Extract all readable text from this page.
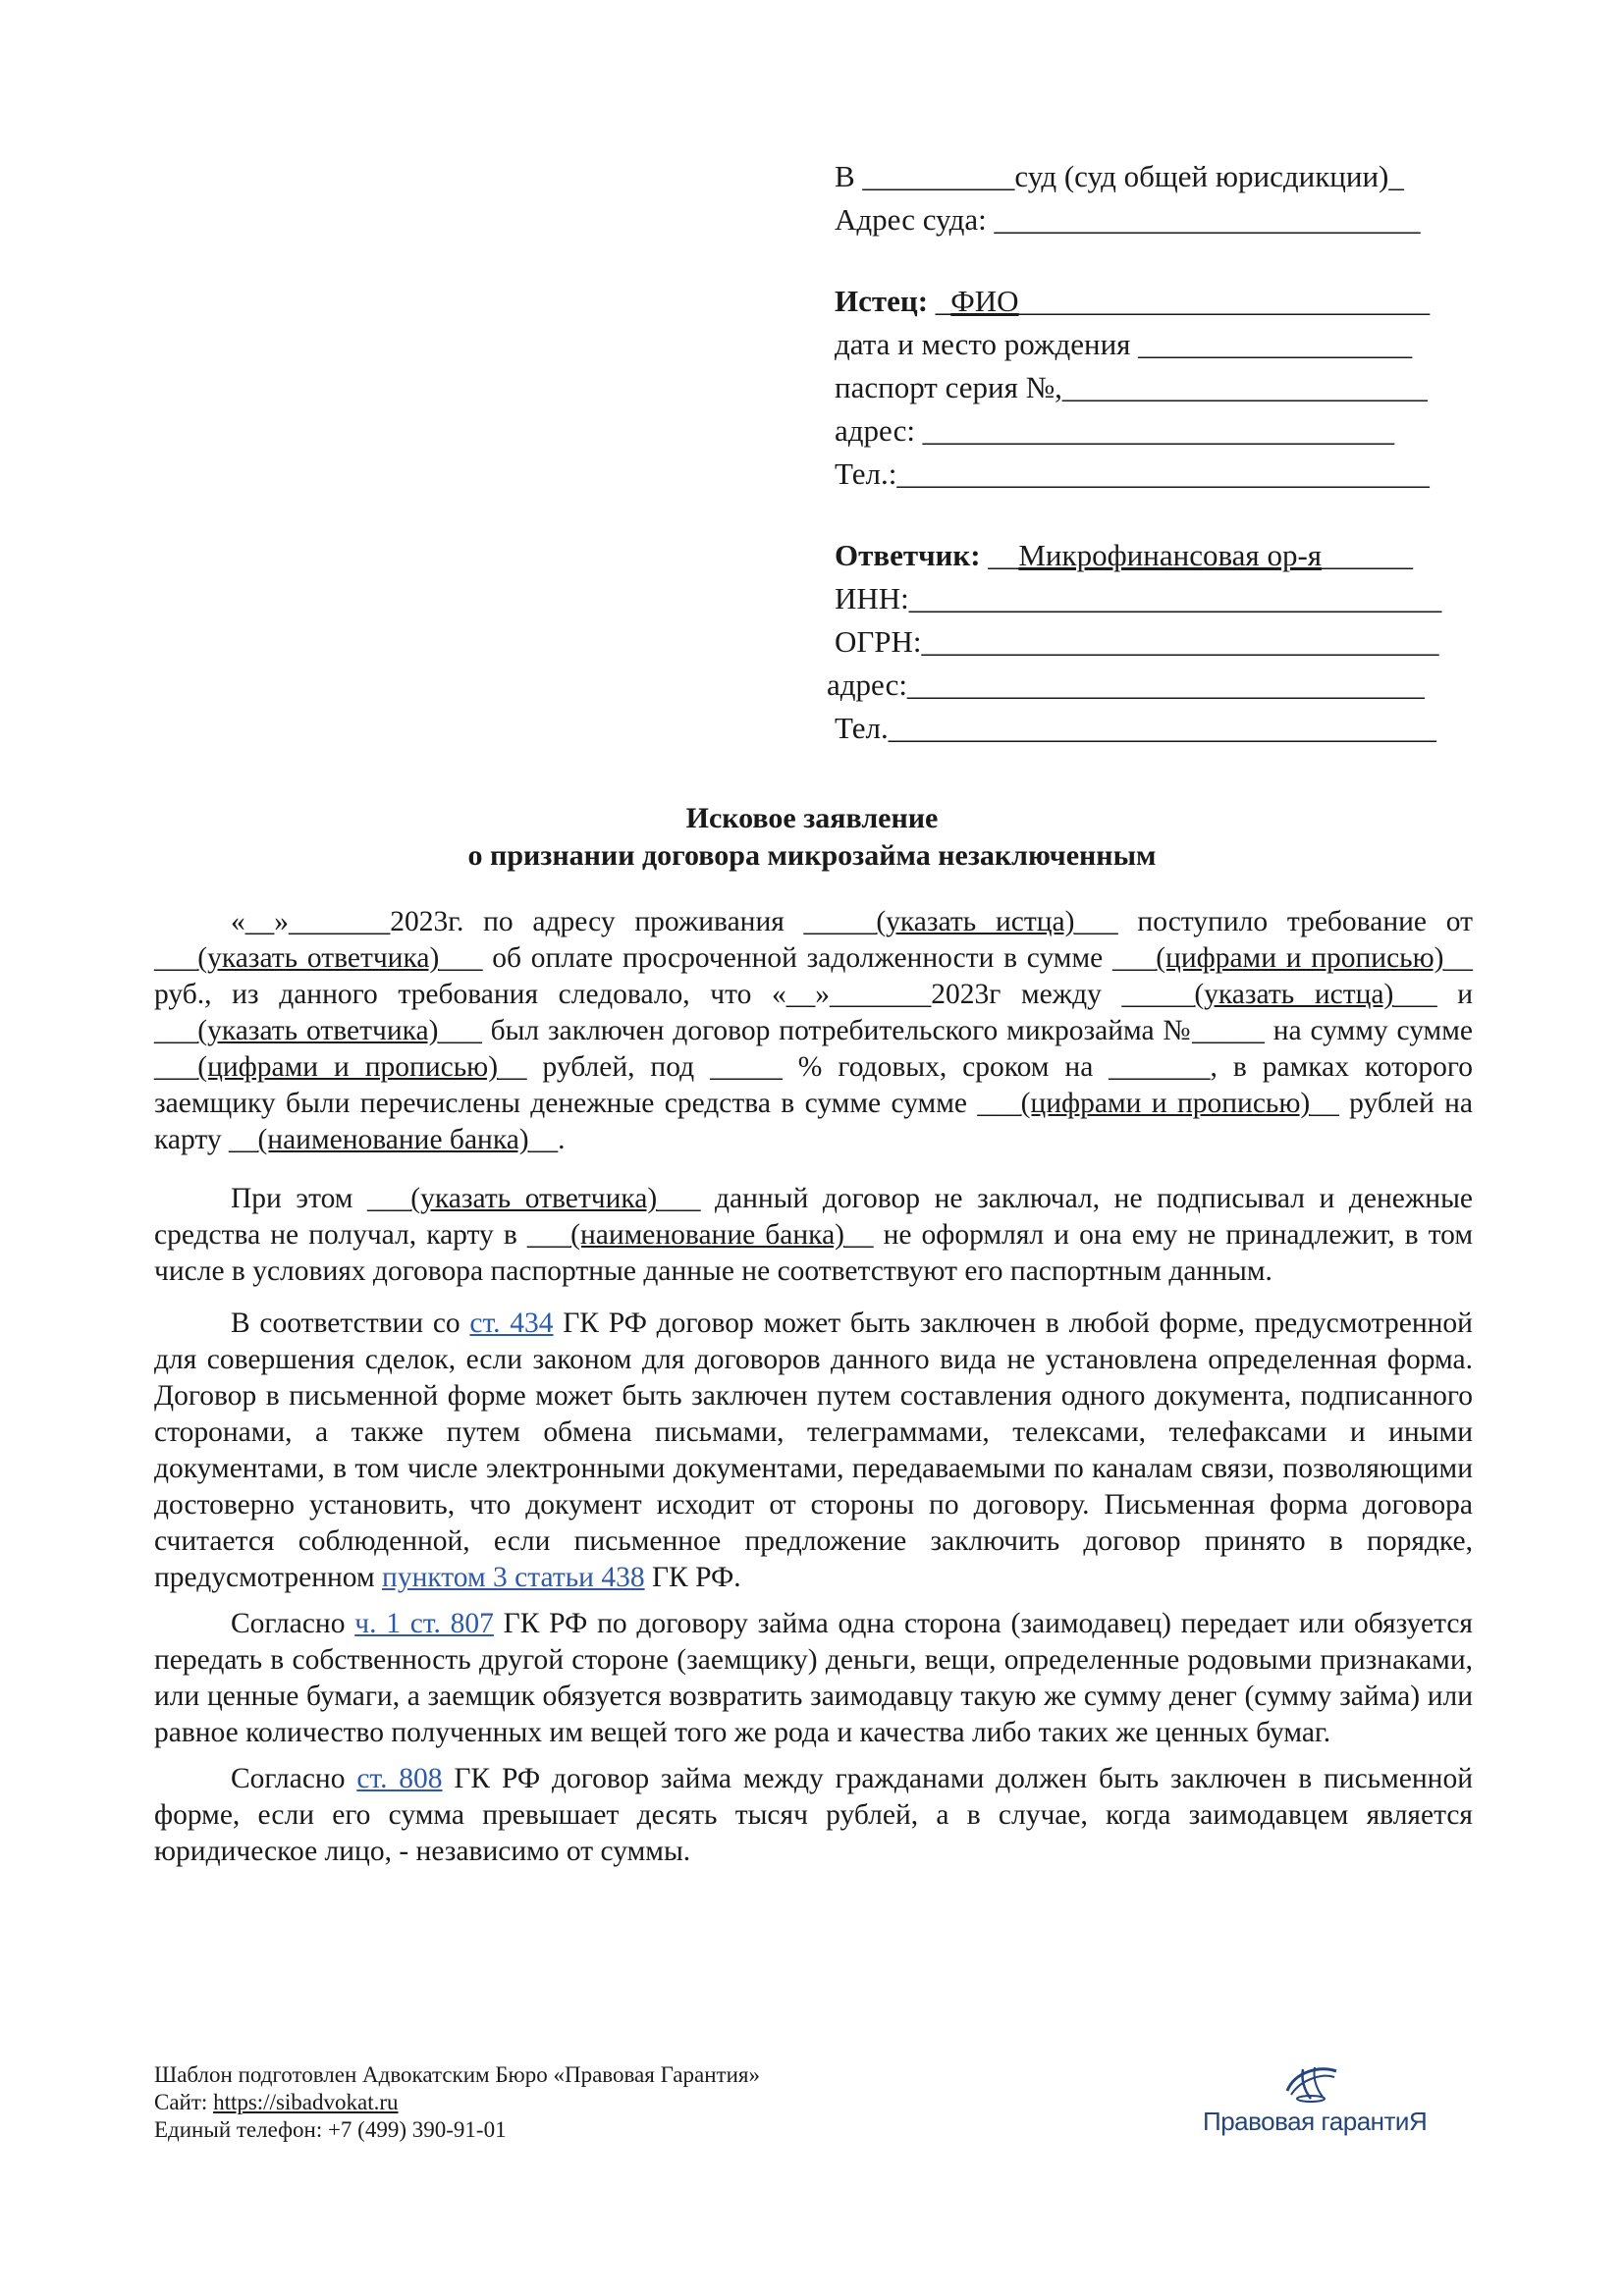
В __________суд (суд общей юрисдикции)_
Адрес суда: ____________________________
Истец: _ФИО___________________________
дата и место рождения __________________
паспорт серия №,________________________
адрес: _______________________________
Тел.:___________________________________
Ответчик: __Микрофинансовая ор-я______
ИНН:___________________________________
ОГРН:__________________________________
адрес:__________________________________
Тел.____________________________________
Исковое заявление
о признании договора микрозайма незаключенным

«__»_______2023г. по адресу проживания _____(указать истца)___ поступило требование от ___(указать ответчика)___ об оплате просроченной задолженности в сумме ___(цифрами и прописью)__ руб., из данного требования следовало, что «__»_______2023г между _____(указать истца)___ и ___(указать ответчика)___ был заключен договор потребительского микрозайма №_____ на сумму сумме ___(цифрами и прописью)__ рублей, под _____ % годовых, сроком на _______, в рамках которого заемщику были перечислены денежные средства в сумме сумме ___(цифрами и прописью)__ рублей на карту __(наименование банка)__.

При этом ___(указать ответчика)___ данный договор не заключал, не подписывал и денежные средства не получал, карту в ___(наименование банка)__ не оформлял и она ему не принадлежит, в том числе в условиях договора паспортные данные не соответствуют его паспортным данным.

В соответствии со ст. 434 ГК РФ договор может быть заключен в любой форме, предусмотренной для совершения сделок, если законом для договоров данного вида не установлена определенная форма. Договор в письменной форме может быть заключен путем составления одного документа, подписанного сторонами, а также путем обмена письмами, телеграммами, телексами, телефаксами и иными документами, в том числе электронными документами, передаваемыми по каналам связи, позволяющими достоверно установить, что документ исходит от стороны по договору. Письменная форма договора считается соблюденной, если письменное предложение заключить договор принято в порядке, предусмотренном пунктом 3 статьи 438 ГК РФ.

Согласно ч. 1 ст. 807 ГК РФ по договору займа одна сторона (заимодавец) передает или обязуется передать в собственность другой стороне (заемщику) деньги, вещи, определенные родовыми признаками, или ценные бумаги, а заемщик обязуется возвратить заимодавцу такую же сумму денег (сумму займа) или равное количество полученных им вещей того же рода и качества либо таких же ценных бумаг.

Согласно ст. 808 ГК РФ договор займа между гражданами должен быть заключен в письменной форме, если его сумма превышает десять тысяч рублей, а в случае, когда заимодавцем является юридическое лицо, - независимо от суммы.

Шаблон подготовлен Адвокатским Бюро «Правовая Гарантия»
Сайт: https://sibadvokat.ru
Единый телефон: +7 (499) 390-91-01	Правовая гарантиЯ
